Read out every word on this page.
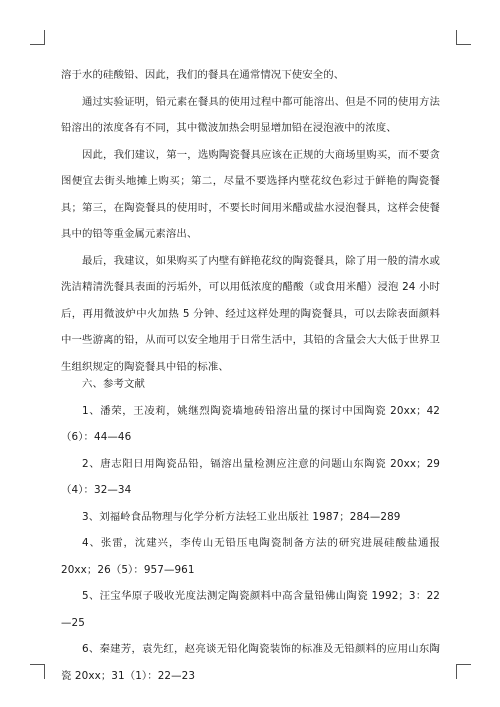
溶于水的硅酸铅、因此，我们的餐具在通常情况下使安全的、

通过实验证明，铅元素在餐具的使用过程中都可能溶出、但是不同的使用方法铅溶出的浓度各有不同，其中微波加热会明显增加铅在浸泡液中的浓度、

因此，我们建议，第一，选购陶瓷餐具应该在正规的大商场里购买，而不要贪图便宜去街头地摊上购买；第二，尽量不要选择内壁花纹色彩过于鲜艳的陶瓷餐具；第三，在陶瓷餐具的使用时，不要长时间用米醋或盐水浸泡餐具，这样会使餐具中的铅等重金属元素溶出、

最后，我建议，如果购买了内壁有鲜艳花纹的陶瓷餐具，除了用一般的清水或洗洁精清洗餐具表面的污垢外，可以用低浓度的醋酸（或食用米醋）浸泡 24 小时后，再用微波炉中火加热 5 分钟、经过这样处理的陶瓷餐具，可以去除表面颜料中一些游离的铅，从而可以安全地用于日常生活中，其铅的含量会大大低于世界卫生组织规定的陶瓷餐具中铅的标准、

六、参考文献

1、潘荣，王凌莉，姚继烈陶瓷墙地砖铅溶出量的探讨中国陶瓷 20xx；42（6）：44—46

2、唐志阳日用陶瓷品铅，镉溶出量检测应注意的问题山东陶瓷 20xx；29（4）：32—34

3、刘福岭食品物理与化学分析方法轻工业出版社 1987；284—289

4、张雷，沈建兴，李传山无铅压电陶瓷制备方法的研究进展硅酸盐通报 20xx；26（5）：957—961

5、汪宝华原子吸收光度法测定陶瓷颜料中高含量铅佛山陶瓷 1992；3：22—25

6、秦建芳，袁先红，赵亮谈无铅化陶瓷装饰的标准及无铅颜料的应用山东陶瓷 20xx；31（1）：22—23
